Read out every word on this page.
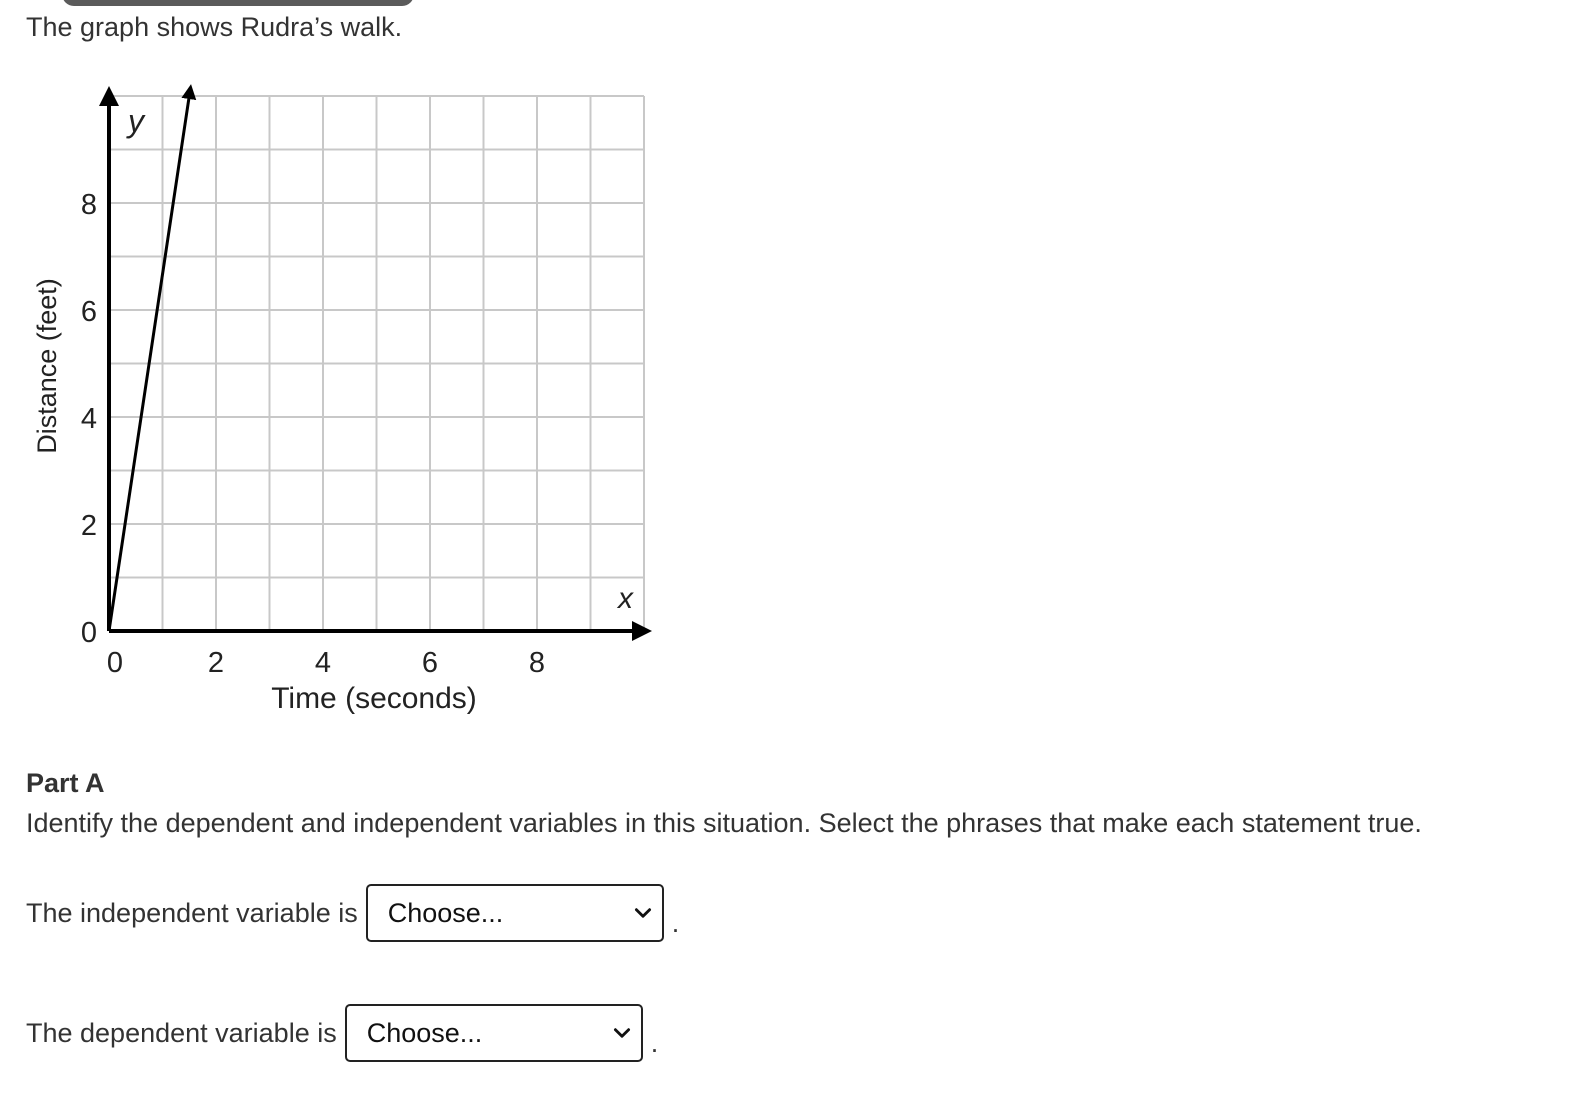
The graph shows Rudra’s walk.
0	2	4	6	8
0
2
4
6
8
Time (seconds)
Distance (feet)
x
y
Part A
Identify the dependent and independent variables in this situation. Select the phrases that make each statement true.
The independent variable is Choose...	.
The dependent variable is Choose...	.
